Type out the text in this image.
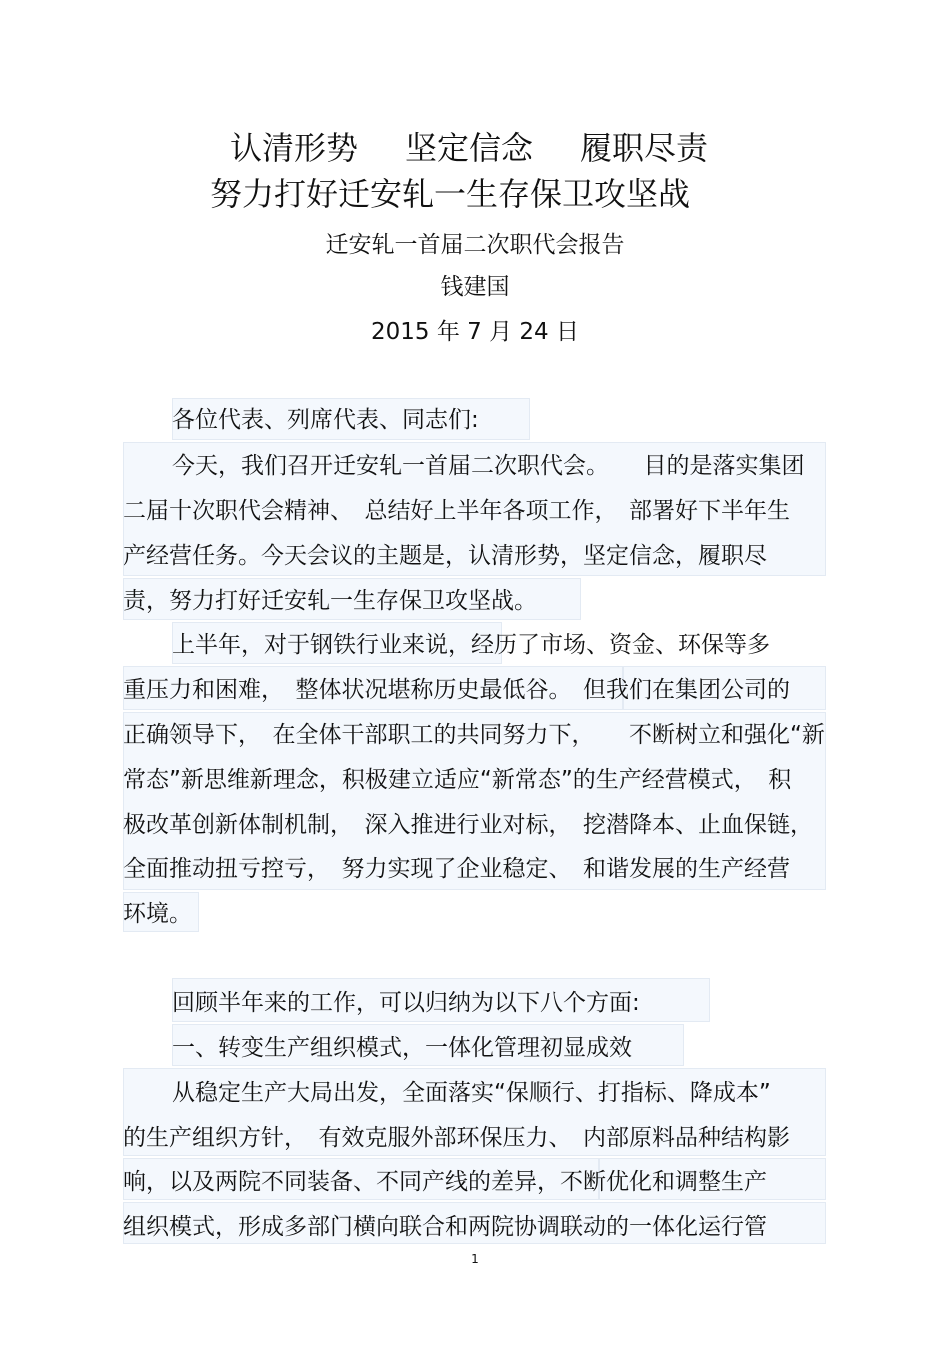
认清形势 坚定信念 履职尽责
努力打好迁安轧一生存保卫攻坚战
迁安轧一首届二次职代会报告
钱建国
2015 年 7 月 24 日
各位代表、列席代表、同志们:
今天，我们召开迁安轧一首届二次职代会。　　目的是落实集团
二届十次职代会精神、　总结好上半年各项工作，　部署好下半年生
产经营任务。今天会议的主题是，认清形势，坚定信念，履职尽
责，努力打好迁安轧一生存保卫攻坚战。
上半年，对于钢铁行业来说，经历了市场、资金、环保等多
重压力和困难，　整体状况堪称历史最低谷。　但我们在集团公司的
正确领导下，　在全体干部职工的共同努力下，　　不断树立和强化“新
常态”新思维新理念，积极建立适应“新常态”的生产经营模式，　积
极改革创新体制机制，　深入推进行业对标，　挖潜降本、止血保链，
全面推动扭亏控亏，　努力实现了企业稳定、　和谐发展的生产经营
环境。
回顾半年来的工作，可以归纳为以下八个方面:
一、转变生产组织模式，一体化管理初显成效
从稳定生产大局出发，全面落实“保顺行、打指标、降成本”
的生产组织方针，　有效克服外部环保压力、　内部原料品种结构影
响，以及两院不同装备、不同产线的差异，不断优化和调整生产
组织模式，形成多部门横向联合和两院协调联动的一体化运行管
1
